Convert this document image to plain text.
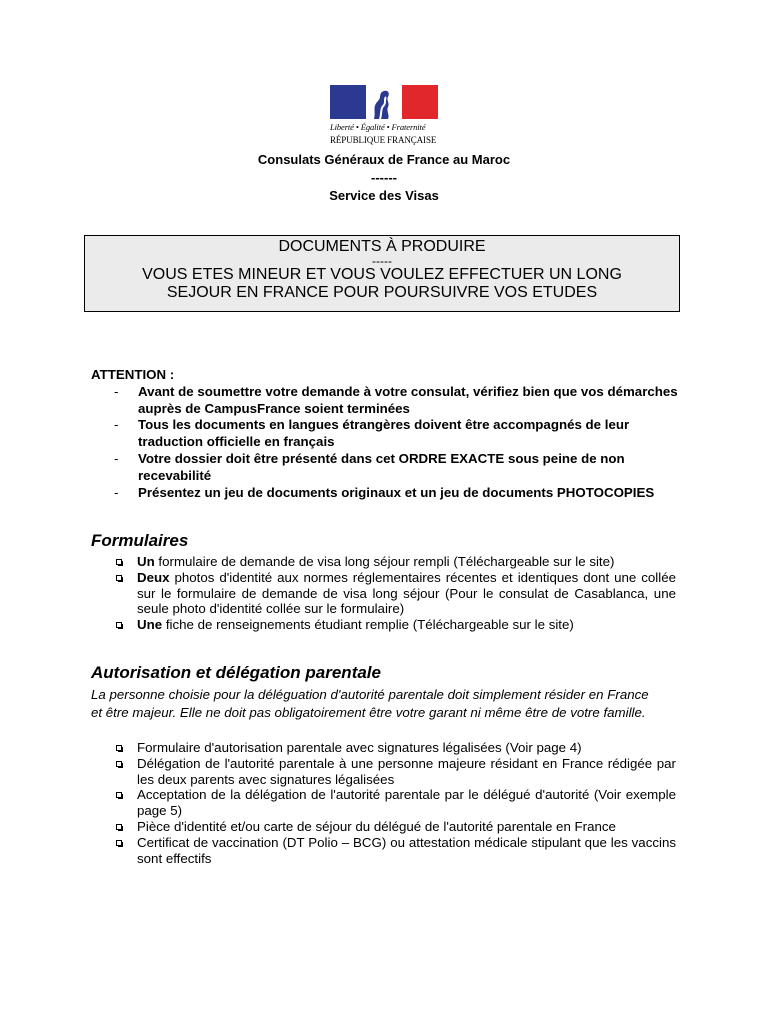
Liberté • Égalité • Fraternité
RÉPUBLIQUE FRANÇAISE
Consulats Généraux de France au Maroc
------
Service des Visas
DOCUMENTS À PRODUIRE
-----
VOUS ETES MINEUR ET VOUS VOULEZ EFFECTUER UN LONG
SEJOUR EN FRANCE POUR POURSUIVRE VOS ETUDES
ATTENTION :
- Avant de soumettre votre demande à votre consulat, vérifiez bien que vos démarches auprès de CampusFrance soient terminées
- Tous les documents en langues étrangères doivent être accompagnés de leur traduction officielle en français
- Votre dossier doit être présenté dans cet ORDRE EXACTE sous peine de non recevabilité
- Présentez un jeu de documents originaux et un jeu de documents PHOTOCOPIES
Formulaires
Un formulaire de demande de visa long séjour rempli (Téléchargeable sur le site)
Deux photos d'identité aux normes réglementaires récentes et identiques dont une collée sur le formulaire de demande de visa long séjour (Pour le consulat de Casablanca, une seule photo d'identité collée sur le formulaire)
Une fiche de renseignements étudiant remplie (Téléchargeable sur le site)
Autorisation et délégation parentale
La personne choisie pour la déléguation d'autorité parentale doit simplement résider en France et être majeur. Elle ne doit pas obligatoirement être votre garant ni même être de votre famille.
Formulaire d'autorisation parentale avec signatures légalisées (Voir page 4)
Délégation de l'autorité parentale à une personne majeure résidant en France rédigée par les deux parents avec signatures légalisées
Acceptation de la délégation de l'autorité parentale par le délégué d'autorité (Voir exemple page 5)
Pièce d'identité et/ou carte de séjour du délégué de l'autorité parentale en France
Certificat de vaccination (DT Polio – BCG) ou attestation médicale stipulant que les vaccins sont effectifs
